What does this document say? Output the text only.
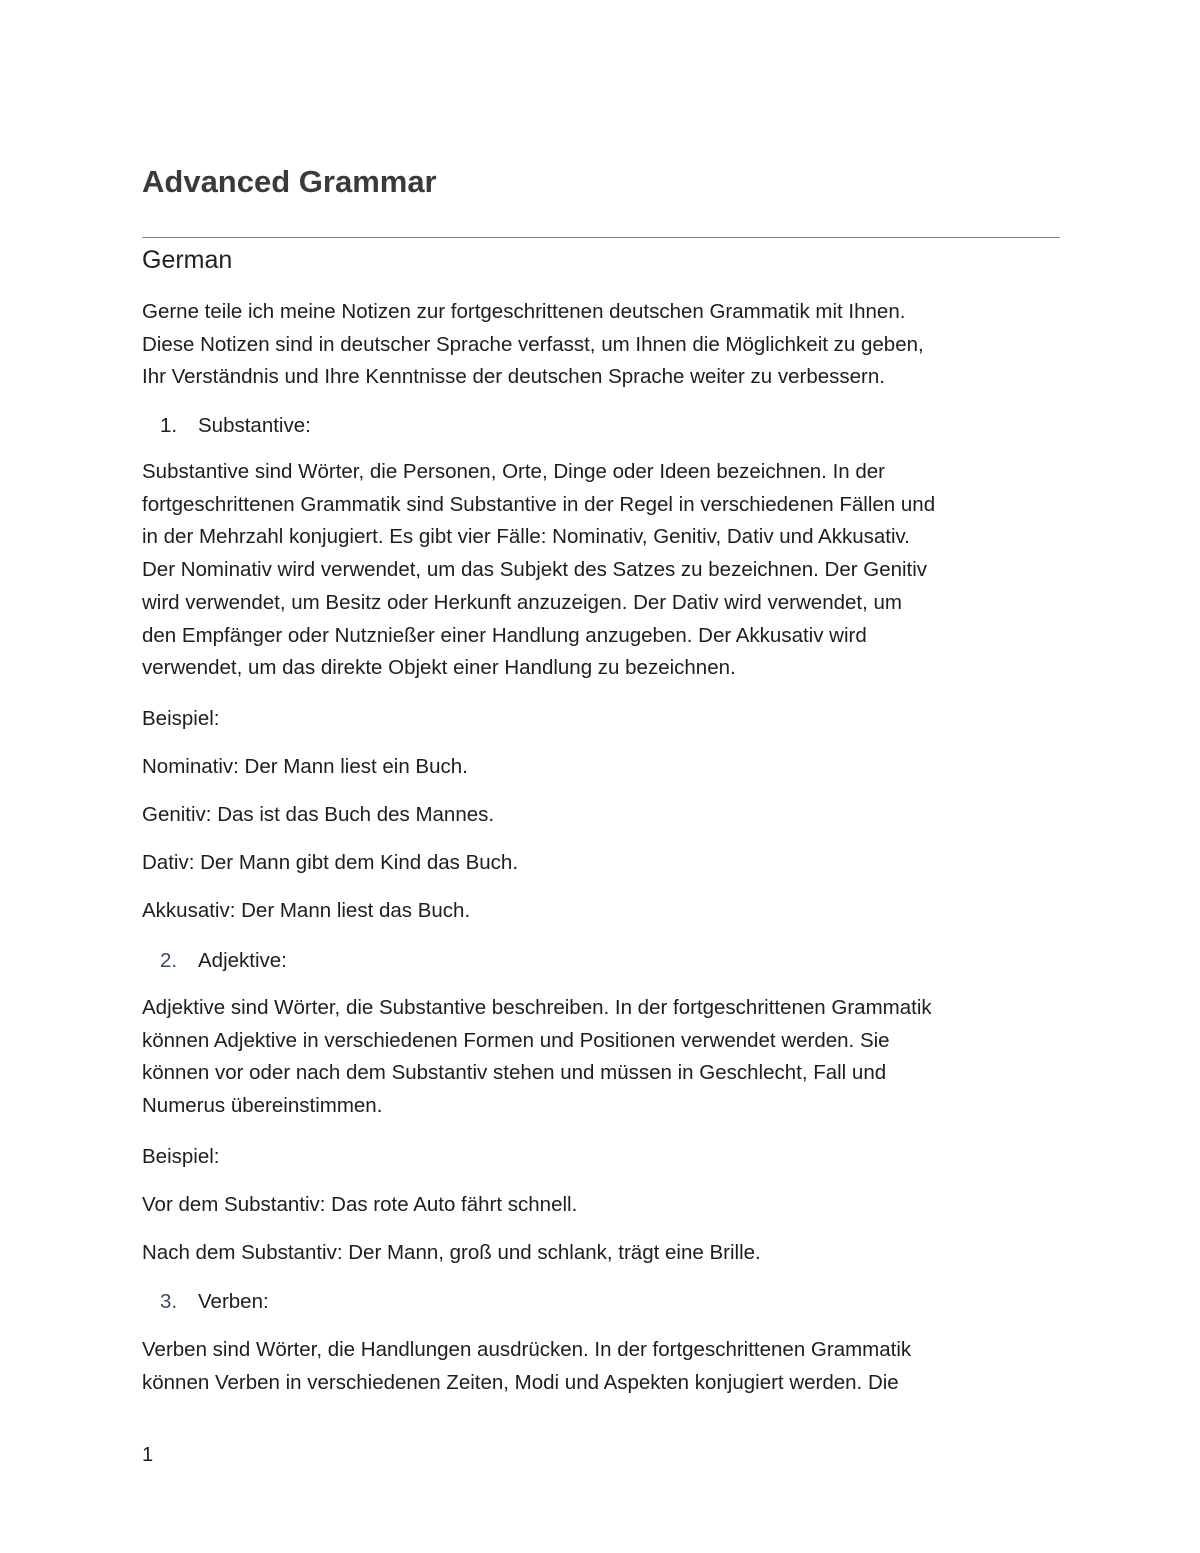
Advanced Grammar
German

Gerne teile ich meine Notizen zur fortgeschrittenen deutschen Grammatik mit Ihnen.
Diese Notizen sind in deutscher Sprache verfasst, um Ihnen die Möglichkeit zu geben,
Ihr Verständnis und Ihre Kenntnisse der deutschen Sprache weiter zu verbessern.

1. Substantive:

Substantive sind Wörter, die Personen, Orte, Dinge oder Ideen bezeichnen. In der
fortgeschrittenen Grammatik sind Substantive in der Regel in verschiedenen Fällen und
in der Mehrzahl konjugiert. Es gibt vier Fälle: Nominativ, Genitiv, Dativ und Akkusativ.
Der Nominativ wird verwendet, um das Subjekt des Satzes zu bezeichnen. Der Genitiv
wird verwendet, um Besitz oder Herkunft anzuzeigen. Der Dativ wird verwendet, um
den Empfänger oder Nutznießer einer Handlung anzugeben. Der Akkusativ wird
verwendet, um das direkte Objekt einer Handlung zu bezeichnen.

Beispiel:

Nominativ: Der Mann liest ein Buch.

Genitiv: Das ist das Buch des Mannes.

Dativ: Der Mann gibt dem Kind das Buch.

Akkusativ: Der Mann liest das Buch.

2. Adjektive:

Adjektive sind Wörter, die Substantive beschreiben. In der fortgeschrittenen Grammatik
können Adjektive in verschiedenen Formen und Positionen verwendet werden. Sie
können vor oder nach dem Substantiv stehen und müssen in Geschlecht, Fall und
Numerus übereinstimmen.

Beispiel:

Vor dem Substantiv: Das rote Auto fährt schnell.

Nach dem Substantiv: Der Mann, groß und schlank, trägt eine Brille.

3. Verben:

Verben sind Wörter, die Handlungen ausdrücken. In der fortgeschrittenen Grammatik
können Verben in verschiedenen Zeiten, Modi und Aspekten konjugiert werden. Die

1
